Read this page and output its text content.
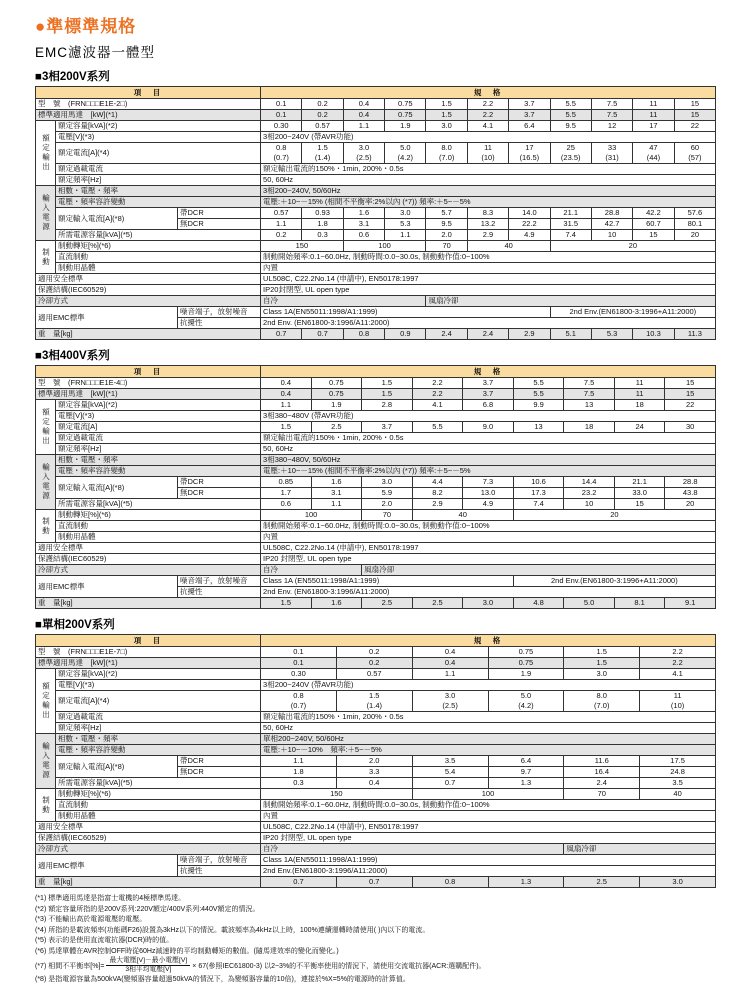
●準標準規格
EMC濾波器一體型
■3相200V系列
項　目			規　格										
型　號　(FRN□□□E1E-2□)			0.1	0.2	0.4	0.75	1.5	2.2	3.7	5.5	7.5	11	15
標準適用馬達　[kW](*1)			0.1	0.2	0.4	0.75	1.5	2.2	3.7	5.5	7.5	11	15
額定輸出	額定容量[kVA](*2)		0.30	0.57	1.1	1.9	3.0	4.1	6.4	9.5	12	17	22
	電壓[V](*3)		3相200~240V (帶AVR功能)										
	額定電流[A](*4)		0.8
(0.7)	1.5
(1.4)	3.0
(2.5)	5.0
(4.2)	8.0
(7.0)	11
(10)	17
(16.5)	25
(23.5)	33
(31)	47
(44)	60
(57)
	額定過載電流		額定輸出電流的150%・1min, 200%・0.5s										
	額定頻率[Hz]		50, 60Hz										
輸入電源	相數・電壓・頻率		3相200~240V, 50/60Hz										
	電壓・頻率容許變動		電壓:＋10~－15% (相間不平衡率:2%以內 (*7)) 頻率:＋5~－5%										
	額定輸入電流[A](*8)	帶DCR	0.57	0.93	1.6	3.0	5.7	8.3	14.0	21.1	28.8	42.2	57.6
		無DCR	1.1	1.8	3.1	5.3	9.5	13.2	22.2	31.5	42.7	60.7	80.1
	所需電源容量[kVA](*5)		0.2	0.3	0.6	1.1	2.0	2.9	4.9	7.4	10	15	20
制動	制動轉矩[%](*6)		150		100		70	40		20			
	直流制動		制動開始頻率:0.1~60.0Hz, 制動時間:0.0~30.0s, 制動動作值:0~100%										
	制動用晶體		內置										
適用安全標準			UL508C, C22.2No.14 (申請中), EN50178:1997										
保護結構(IEC60529)			IP20封閉型, UL open type										
冷卻方式			自冷				風扇冷卻						
適用EMC標準		噪音端子，放射噪音	Class 1A(EN55011:1998/A1:1999)							2nd Env.(EN61800-3:1996+A11:2000)			
		抗擾性	2nd Env. (EN61800-3:1996/A11:2000)										
重　量[kg]			0.7	0.7	0.8	0.9	2.4	2.4	2.9	5.1	5.3	10.3	11.3
■3相400V系列
項　目			規　格								
型　號　(FRN□□□E1E-4□)			0.4	0.75	1.5	2.2	3.7	5.5	7.5	11	15
標準適用馬達　[kW](*1)			0.4	0.75	1.5	2.2	3.7	5.5	7.5	11	15
額定輸出	額定容量[kVA](*2)		1.1	1.9	2.8	4.1	6.8	9.9	13	18	22
	電壓[V](*3)		3相380~480V (帶AVR功能)								
	額定電流[A]		1.5	2.5	3.7	5.5	9.0	13	18	24	30
	額定過載電流		額定輸出電流的150%・1min, 200%・0.5s								
	額定頻率[Hz]		50, 60Hz								
輸入電源	相數・電壓・頻率		3相380~480V, 50/60Hz								
	電壓・頻率容許變動		電壓:＋10~－15% (相間不平衡率:2%以內 (*7)) 頻率:＋5~－5%								
	額定輸入電流[A](*8)	帶DCR	0.85	1.6	3.0	4.4	7.3	10.6	14.4	21.1	28.8
		無DCR	1.7	3.1	5.9	8.2	13.0	17.3	23.2	33.0	43.8
	所需電源容量[kVA](*5)		0.6	1.1	2.0	2.9	4.9	7.4	10	15	20
制動	制動轉矩[%](*6)		100		70	40		20			
	直流制動		制動開始頻率:0.1~60.0Hz, 制動時間:0.0~30.0s, 制動動作值:0~100%								
	制動用晶體		內置								
適用安全標準			UL508C, C22.2No.14 (申請中), EN50178:1997								
保護結構(IEC60529)			IP20 封閉型, UL open type								
冷卻方式			自冷		風扇冷卻						
適用EMC標準		噪音端子，放射噪音	Class 1A (EN55011:1998/A1:1999)					2nd Env.(EN61800-3:1996+A11:2000)			
		抗擾性	2nd Env. (EN61800-3:1996/A11:2000)								
重　量[kg]			1.5	1.6	2.5	2.5	3.0	4.8	5.0	8.1	9.1
■單相200V系列
項　目			規　格					
型　號　(FRN□□□E1E-7□)			0.1	0.2	0.4	0.75	1.5	2.2
標準適用馬達　[kW](*1)			0.1	0.2	0.4	0.75	1.5	2.2
額定輸出	額定容量[kVA](*2)		0.30	0.57	1.1	1.9	3.0	4.1
	電壓[V](*3)		3相200~240V (帶AVR功能)					
	額定電流[A](*4)		0.8
(0.7)	1.5
(1.4)	3.0
(2.5)	5.0
(4.2)	8.0
(7.0)	11
(10)
	額定過載電流		額定輸出電流的150%・1min, 200%・0.5s					
	額定頻率[Hz]		50, 60Hz					
輸入電源	相數・電壓・頻率		單相200~240V, 50/60Hz					
	電壓・頻率容許變動		電壓:＋10~－10%　頻率:＋5~－5%					
	額定輸入電流[A](*8)	帶DCR	1.1	2.0	3.5	6.4	11.6	17.5
		無DCR	1.8	3.3	5.4	9.7	16.4	24.8
	所需電源容量[kVA](*5)		0.3	0.4	0.7	1.3	2.4	3.5
制動	制動轉矩[%](*6)		150		100		70	40
	直流制動		制動開始頻率:0.1~60.0Hz, 制動時間:0.0~30.0s, 制動動作值:0~100%					
	制動用晶體		內置					
適用安全標準			UL508C, C22.2No.14 (申請中), EN50178:1997					
保護結構(IEC60529)			IP20 封閉型, UL open type					
冷卻方式			自冷				風扇冷卻	
適用EMC標準		噪音端子，放射噪音	Class 1A(EN55011:1998/A1:1999)					
		抗擾性	2nd Env.(EN61800-3:1996/A11:2000)					
重　量[kg]			0.7	0.7	0.8	1.3	2.5	3.0
(*1) 標準適用馬達是指富士電機的4極標準馬達。
(*2) 額定容量所指的是200V系列:220V額定/400V系列:440V額定的情況。
(*3) 不能輸出高於電源電壓的電壓。
(*4) 所指的是載波頻率(功能碼F26)設置為3kHz以下的情況。載波頻率為4kHz以上時，100%連續運轉時請使用( )內以下的電流。
(*5) 表示的是使用直流電抗器(DCR)時的值。
(*6) 馬達單體在AVR控制OFF時從60Hz減速時的平均制動轉矩的數值。(隨馬達效率的變化而變化。)
(*7) 相間不平衡率[%]= $\frac{\text{最大電壓[V]－最小電壓[V]}}{\text{3相平均電壓[V]}} \times 67$(參照IEC61800-3) 以2~3%的不平衡率使用的情況下，請使用交流電抗器(ACR:選購配件)。
(*8) 是指電源容量為500kVA(變頻器容量超過50kVA的情況下，為變頻器容量的10倍)，連接於%X=5%的電源時的計算值。
